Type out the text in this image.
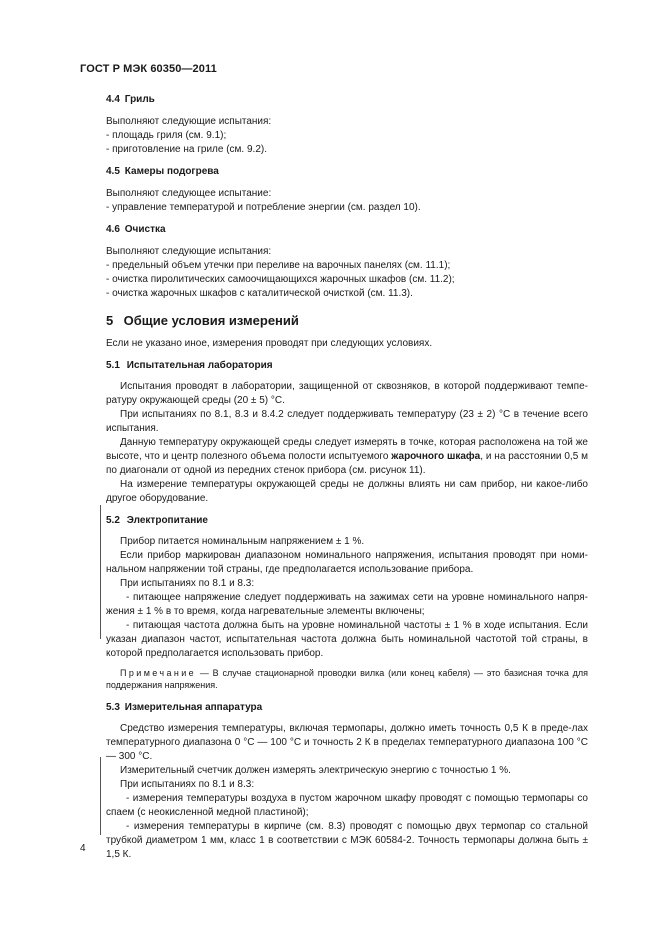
ГОСТ Р МЭК 60350—2011

4.4 Гриль

Выполняют следующие испытания:

- площадь гриля (см. 9.1);

- приготовление на гриле (см. 9.2).

4.5 Камеры подогрева

Выполняют следующее испытание:

- управление температурой и потребление энергии (см. раздел 10).

4.6 Очистка

Выполняют следующие испытания:

- предельный объем утечки при переливе на варочных панелях (см. 11.1);

- очистка пиролитических самоочищающихся жарочных шкафов (см. 11.2);

- очистка жарочных шкафов с каталитической очисткой (см. 11.3).

5 Общие условия измерений

Если не указано иное, измерения проводят при следующих условиях.

5.1 Испытательная лаборатория

Испытания проводят в лаборатории, защищенной от сквозняков, в которой поддерживают темпе-ратуру окружающей среды (20 ± 5) °С.

При испытаниях по 8.1, 8.3 и 8.4.2 следует поддерживать температуру (23 ± 2) °С в течение всего испытания.

Данную температуру окружающей среды следует измерять в точке, которая расположена на той же высоте, что и центр полезного объема полости испытуемого жарочного шкафа, и на расстоянии 0,5 м по диагонали от одной из передних стенок прибора (см. рисунок 11).

На измерение температуры окружающей среды не должны влиять ни сам прибор, ни какое-либо другое оборудование.

5.2 Электропитание

Прибор питается номинальным напряжением ± 1 %.

Если прибор маркирован диапазоном номинального напряжения, испытания проводят при номи-нальном напряжении той страны, где предполагается использование прибора.

При испытаниях по 8.1 и 8.3:

- питающее напряжение следует поддерживать на зажимах сети на уровне номинального напря-жения ± 1 % в то время, когда нагревательные элементы включены;

- питающая частота должна быть на уровне номинальной частоты ± 1 % в ходе испытания. Если указан диапазон частот, испытательная частота должна быть номинальной частотой той страны, в которой предполагается использовать прибор.

Примечание — В случае стационарной проводки вилка (или конец кабеля) — это базисная точка для поддержания напряжения.

5.3 Измерительная аппаратура

Средство измерения температуры, включая термопары, должно иметь точность 0,5 К в преде-лах температурного диапазона 0 °С — 100 °С и точность 2 К в пределах температурного диапазона 100 °С — 300 °С.

Измерительный счетчик должен измерять электрическую энергию с точностью 1 %.

При испытаниях по 8.1 и 8.3:

- измерения температуры воздуха в пустом жарочном шкафу проводят с помощью термопары со спаем (с неокисленной медной пластиной);

- измерения температуры в кирпиче (см. 8.3) проводят с помощью двух термопар со стальной трубкой диаметром 1 мм, класс 1 в соответствии с МЭК 60584-2. Точность термопары должна быть ± 1,5 К.

4
